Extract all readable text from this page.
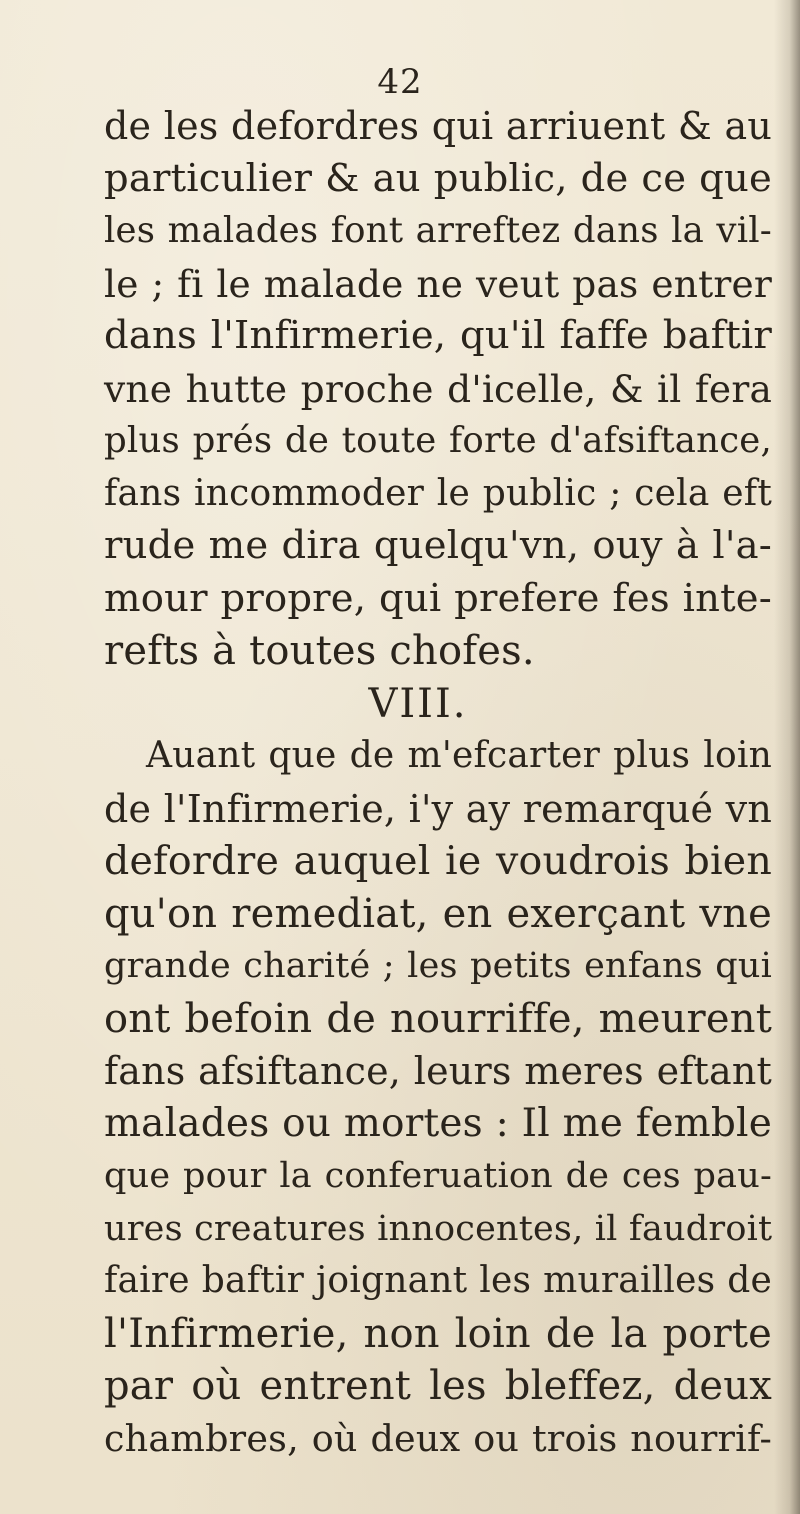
42
de les defordres qui arriuent & au
particulier & au public, de ce que
les malades font arreftez dans la vil-
le ; fi le malade ne veut pas entrer
dans l'Infirmerie, qu'il faffe baftir
vne hutte proche d'icelle, & il fera
plus prés de toute forte d'afsiftance,
fans incommoder le public ; cela eft
rude me dira quelqu'vn, ouy à l'a-
mour propre, qui prefere fes inte-
refts à toutes chofes.
VIII.
Auant que de m'efcarter plus loin
de l'Infirmerie, i'y ay remarqué vn
defordre auquel ie voudrois bien
qu'on remediat, en exerçant vne
grande charité ; les petits enfans qui
ont befoin de nourriffe, meurent
fans afsiftance, leurs meres eftant
malades ou mortes : Il me femble
que pour la conferuation de ces pau-
ures creatures innocentes, il faudroit
faire baftir joignant les murailles de
l'Infirmerie, non loin de la porte
par où entrent les bleffez, deux
chambres, où deux ou trois nourrif-
